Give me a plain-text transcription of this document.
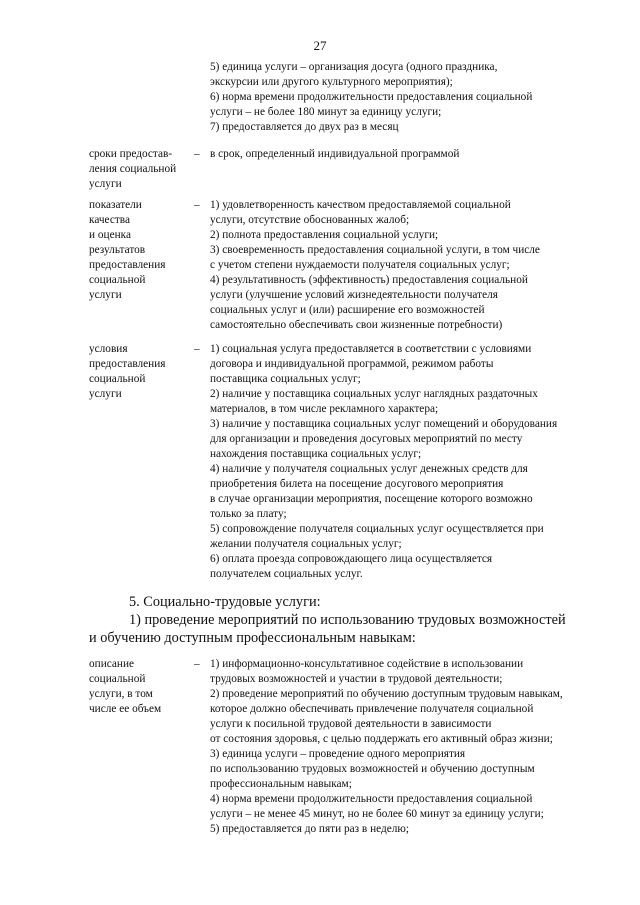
27
5) единица услуги – организация досуга (одного праздника,
экскурсии или другого культурного мероприятия);
6) норма времени продолжительности предоставления социальной
услуги – не более 180 минут за единицу услуги;
7) предоставляется до двух раз в месяц
сроки предостав-
ления социальной
услуги
– в срок, определенный индивидуальной программой
показатели
качества
и оценка
результатов
предоставления
социальной
услуги
– 1) удовлетворенность качеством предоставляемой социальной
услуги, отсутствие обоснованных жалоб;
2) полнота предоставления социальной услуги;
3) своевременность предоставления социальной услуги, в том числе
с учетом степени нуждаемости получателя социальных услуг;
4) результативность (эффективность) предоставления социальной
услуги (улучшение условий жизнедеятельности получателя
социальных услуг и (или) расширение его возможностей
самостоятельно обеспечивать свои жизненные потребности)
условия
предоставления
социальной
услуги
– 1) социальная услуга предоставляется в соответствии с условиями
договора и индивидуальной программой, режимом работы
поставщика социальных услуг;
2) наличие у поставщика социальных услуг наглядных раздаточных
материалов, в том числе рекламного характера;
3) наличие у поставщика социальных услуг помещений и оборудования
для организации и проведения досуговых мероприятий по месту
нахождения поставщика социальных услуг;
4) наличие у получателя социальных услуг денежных средств для
приобретения билета на посещение досугового мероприятия
в случае организации мероприятия, посещение которого возможно
только за плату;
5) сопровождение получателя социальных услуг осуществляется при
желании получателя социальных услуг;
6) оплата проезда сопровождающего лица осуществляется
получателем социальных услуг.
5. Социально-трудовые услуги:
1) проведение мероприятий по использованию трудовых возможностей
и обучению доступным профессиональным навыкам:
описание
социальной
услуги, в том
числе ее объем
– 1) информационно-консультативное содействие в использовании
трудовых возможностей и участии в трудовой деятельности;
2) проведение мероприятий по обучению доступным трудовым навыкам,
которое должно обеспечивать привлечение получателя социальной
услуги к посильной трудовой деятельности в зависимости
от состояния здоровья, с целью поддержать его активный образ жизни;
3) единица услуги – проведение одного мероприятия
по использованию трудовых возможностей и обучению доступным
профессиональным навыкам;
4) норма времени продолжительности предоставления социальной
услуги – не менее 45 минут, но не более 60 минут за единицу услуги;
5) предоставляется до пяти раз в неделю;
